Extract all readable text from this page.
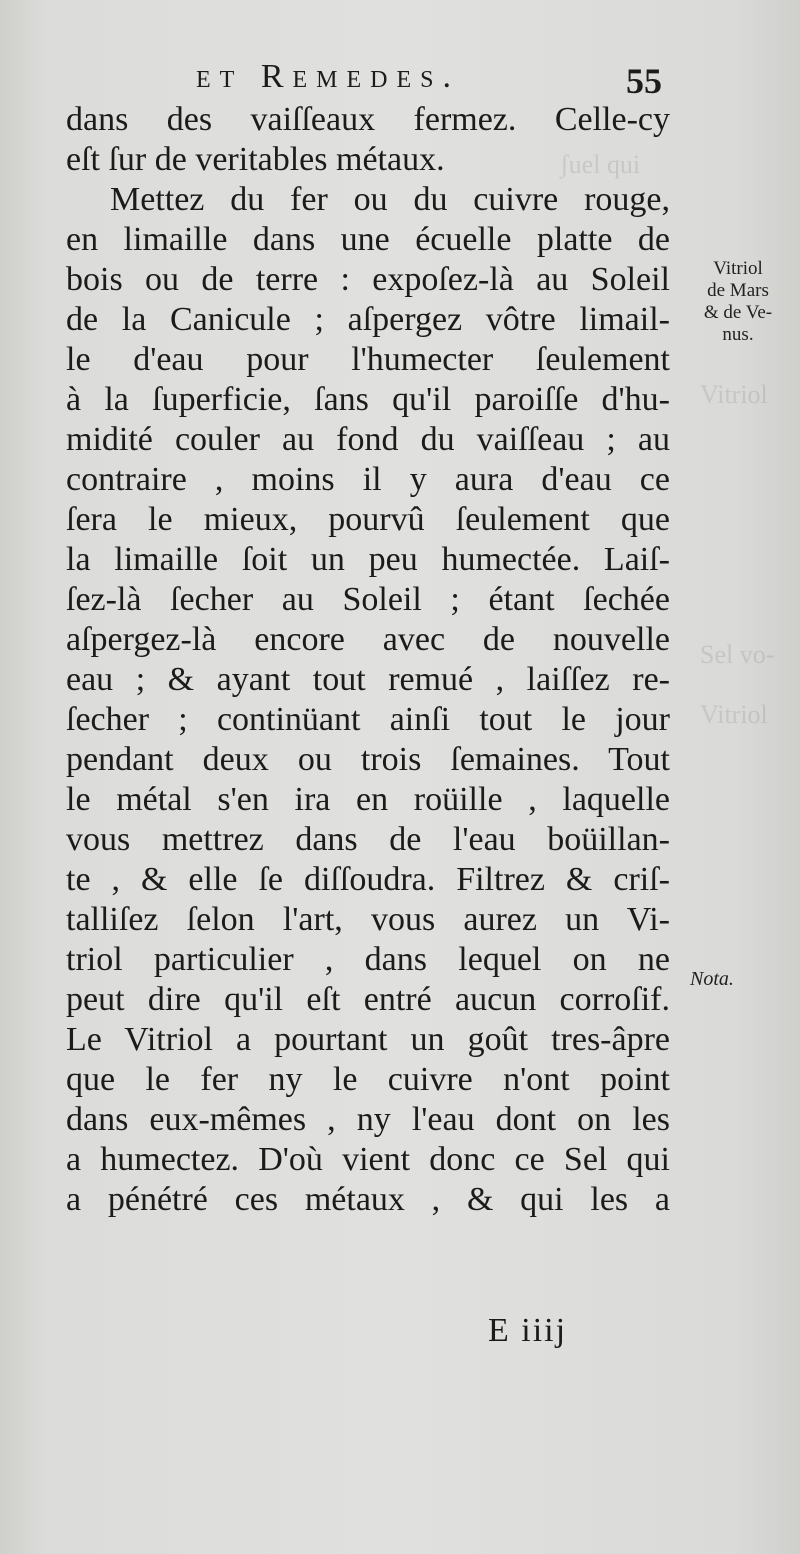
ʃuel qui
Vitriol
Sel vo-
Vitriol
et Remedes.	55
dans des vaiſſeaux fermez. Celle-cy
eſt ſur de veritables métaux.
Mettez du fer ou du cuivre rouge,
en limaille dans une écuelle platte de
bois ou de terre : expoſez-là au Soleil
de la Canicule ; aſpergez vôtre limail-
le d'eau pour l'humecter ſeulement
à la ſuperficie, ſans qu'il paroiſſe d'hu-
midité couler au fond du vaiſſeau ; au
contraire , moins il y aura d'eau ce
ſera le mieux, pourvû ſeulement que
la limaille ſoit un peu humectée. Laiſ-
ſez-là ſecher au Soleil ; étant ſechée
aſpergez-là encore avec de nouvelle
eau ; & ayant tout remué , laiſſez re-
ſecher ; continüant ainſi tout le jour
pendant deux ou trois ſemaines. Tout
le métal s'en ira en roüille , laquelle
vous mettrez dans de l'eau boüillan-
te , & elle ſe diſſoudra. Filtrez & criſ-
talliſez ſelon l'art, vous aurez un Vi-
triol particulier , dans lequel on ne
peut dire qu'il eſt entré aucun corroſif.
Le Vitriol a pourtant un goût tres-âpre
que le fer ny le cuivre n'ont point
dans eux-mêmes , ny l'eau dont on les
a humectez. D'où vient donc ce Sel qui
a pénétré ces métaux , & qui les a
Vitriol
de Mars
& de Ve-
nus.
Nota.
E iiij
